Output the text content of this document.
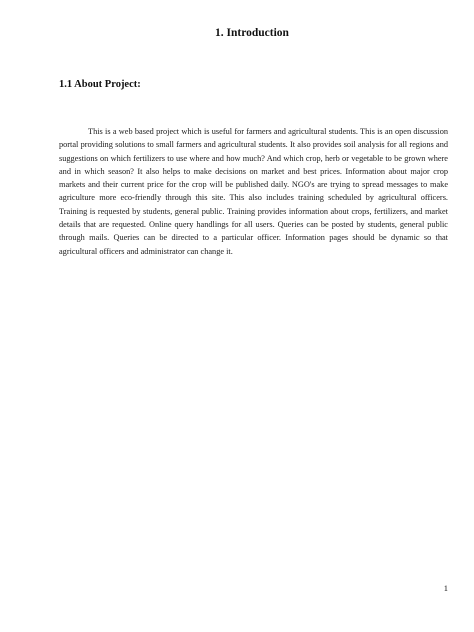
1. Introduction
1.1 About Project:

This is a web based project which is useful for farmers and agricultural students. This is an open discussion portal providing solutions to small farmers and agricultural students. It also provides soil analysis for all regions and suggestions on which fertilizers to use where and how much? And which crop, herb or vegetable to be grown where and in which season? It also helps to make decisions on market and best prices. Information about major crop markets and their current price for the crop will be published daily. NGO's are trying to spread messages to make agriculture more eco-friendly through this site. This also includes training scheduled by agricultural officers. Training is requested by students, general public. Training provides information about crops, fertilizers, and market details that are requested. Online query handlings for all users. Queries can be posted by students, general public through mails. Queries can be directed to a particular officer. Information pages should be dynamic so that agricultural officers and administrator can change it.

1
